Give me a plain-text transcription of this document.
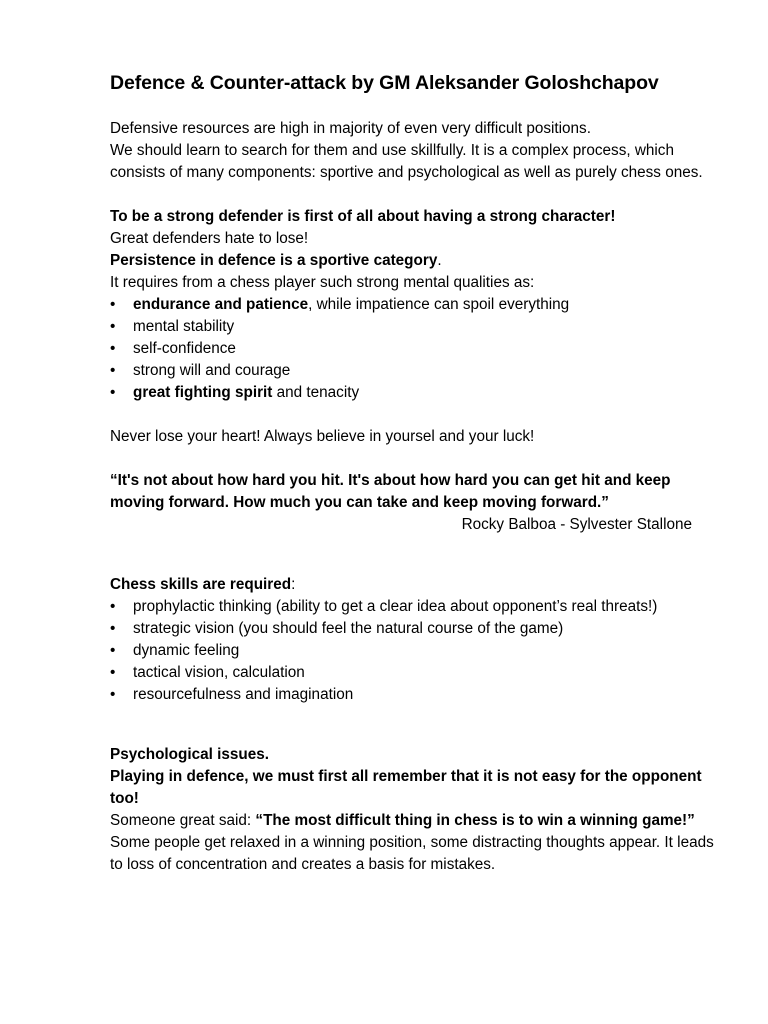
Defence & Counter-attack by GM Aleksander Goloshchapov

Defensive resources are high in majority of even very difficult positions.

We should learn to search for them and use skillfully. It is a complex process, which consists of many components: sportive and psychological as well as purely chess ones.

To be a strong defender is first of all about having a strong character!

Great defenders hate to lose!

Persistence in defence is a sportive category.

It requires from a chess player such strong mental qualities as:

• endurance and patience, while impatience can spoil everything
• mental stability
• self-confidence
• strong will and courage
• great fighting spirit and tenacity

Never lose your heart! Always believe in yoursel and your luck!

“It's not about how hard you hit. It's about how hard you can get hit and keep moving forward. How much you can take and keep moving forward.”

Rocky Balboa - Sylvester Stallone

Chess skills are required:

• prophylactic thinking (ability to get a clear idea about opponent’s real threats!)
• strategic vision (you should feel the natural course of the game)
• dynamic feeling
• tactical vision, calculation
• resourcefulness and imagination

Psychological issues.

Playing in defence, we must first all remember that it is not easy for the opponent too!

Someone great said: “The most difficult thing in chess is to win a winning game!”

Some people get relaxed in a winning position, some distracting thoughts appear. It leads to loss of concentration and creates a basis for mistakes.
